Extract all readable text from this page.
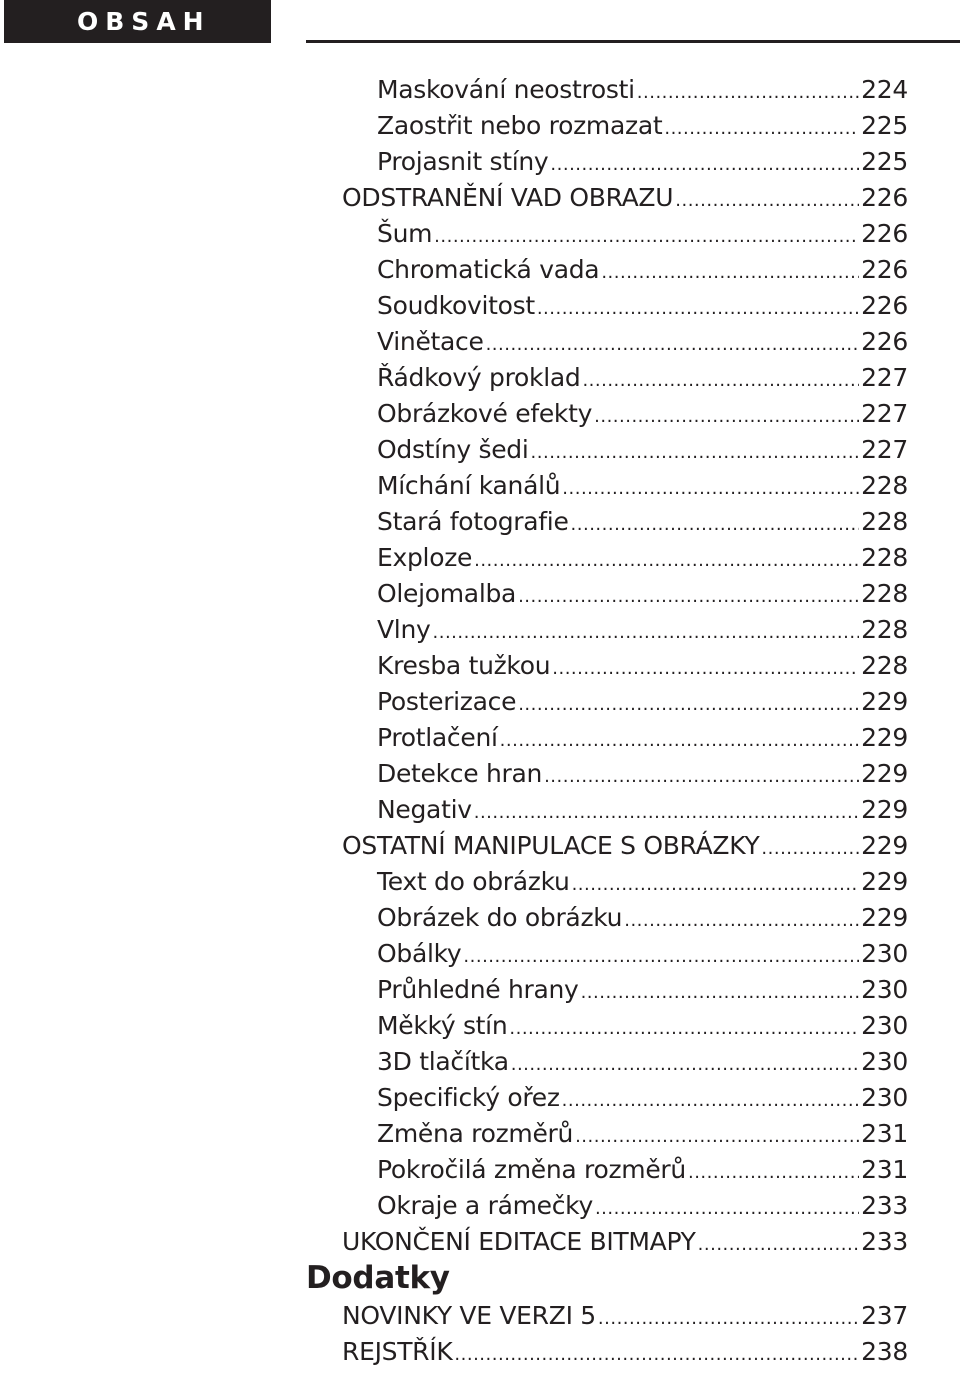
OBSAH
Maskování neostrosti .....	224
Zaostřit nebo rozmazat .....	225
Projasnit stíny .....	225
ODSTRANĚNÍ VAD OBRAZU .....	226
Šum .....	226
Chromatická vada .....	226
Soudkovitost .....	226
Vinětace .....	226
Řádkový proklad .....	227
Obrázkové efekty .....	227
Odstíny šedi .....	227
Míchání kanálů .....	228
Stará fotografie .....	228
Exploze .....	228
Olejomalba .....	228
Vlny .....	228
Kresba tužkou .....	228
Posterizace .....	229
Protlačení .....	229
Detekce hran .....	229
Negativ .....	229
OSTATNÍ MANIPULACE S OBRÁZKY .....	229
Text do obrázku .....	229
Obrázek do obrázku .....	229
Obálky .....	230
Průhledné hrany .....	230
Měkký stín .....	230
3D tlačítka .....	230
Specifický ořez .....	230
Změna rozměrů .....	231
Pokročilá změna rozměrů .....	231
Okraje a rámečky .....	233
UKONČENÍ EDITACE BITMAPY .....	233
Dodatky
NOVINKY VE VERZI 5 .....	237
REJSTŘÍK .....	238
